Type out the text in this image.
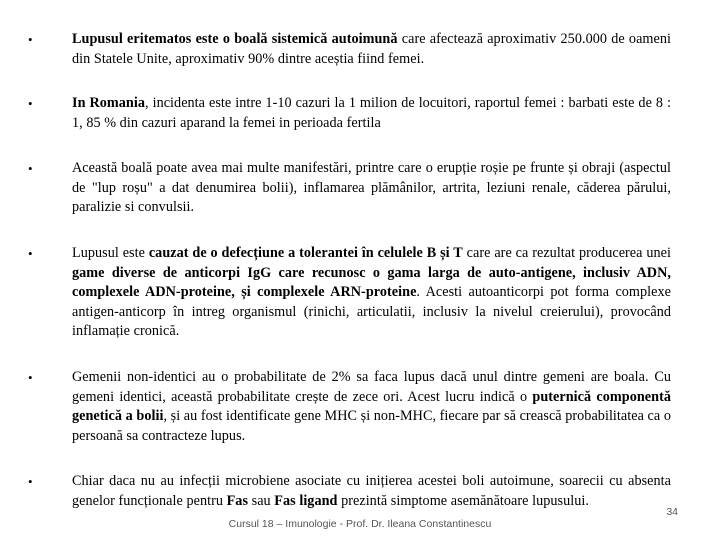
•	Lupusul eritematos este o boală sistemică autoimună care afectează aproximativ 250.000 de oameni din Statele Unite, aproximativ 90% dintre aceștia fiind femei.

•	In Romania, incidenta este intre 1-10 cazuri la 1 milion de locuitori, raportul femei : barbati este de 8 : 1, 85 % din cazuri aparand la femei in perioada fertila

•	Această boală poate avea mai multe manifestări, printre care o erupție roșie pe frunte și obraji (aspectul de "lup roșu" a dat denumirea bolii), inflamarea plămânilor, artrita, leziuni renale, căderea părului, paralizie si convulsii.

•	Lupusul este cauzat de o defecțiune a tolerantei în celulele B și T care are ca rezultat producerea unei game diverse de anticorpi IgG care recunosc o gama larga de auto-antigene, inclusiv ADN, complexele ADN-proteine, și complexele ARN-proteine. Acesti autoanticorpi pot forma complexe antigen-anticorp în intreg organismul (rinichi, articulatii, inclusiv la nivelul creierului), provocând inflamație cronică.

•	Gemenii non-identici au o probabilitate de 2% sa faca lupus dacă unul dintre gemeni are boala. Cu gemeni identici, această probabilitate crește de zece ori. Acest lucru indică o puternică componentă genetică a bolii, și au fost identificate gene MHC și non-MHC, fiecare par să crească probabilitatea ca o persoană sa contracteze lupus.

•	Chiar daca nu au infecții microbiene asociate cu inițierea acestei boli autoimune, soarecii cu absenta genelor funcționale pentru Fas sau Fas ligand prezintă simptome asemănătoare lupusului.

Cursul 18 – Imunologie - Prof. Dr. Ileana Constantinescu
34
